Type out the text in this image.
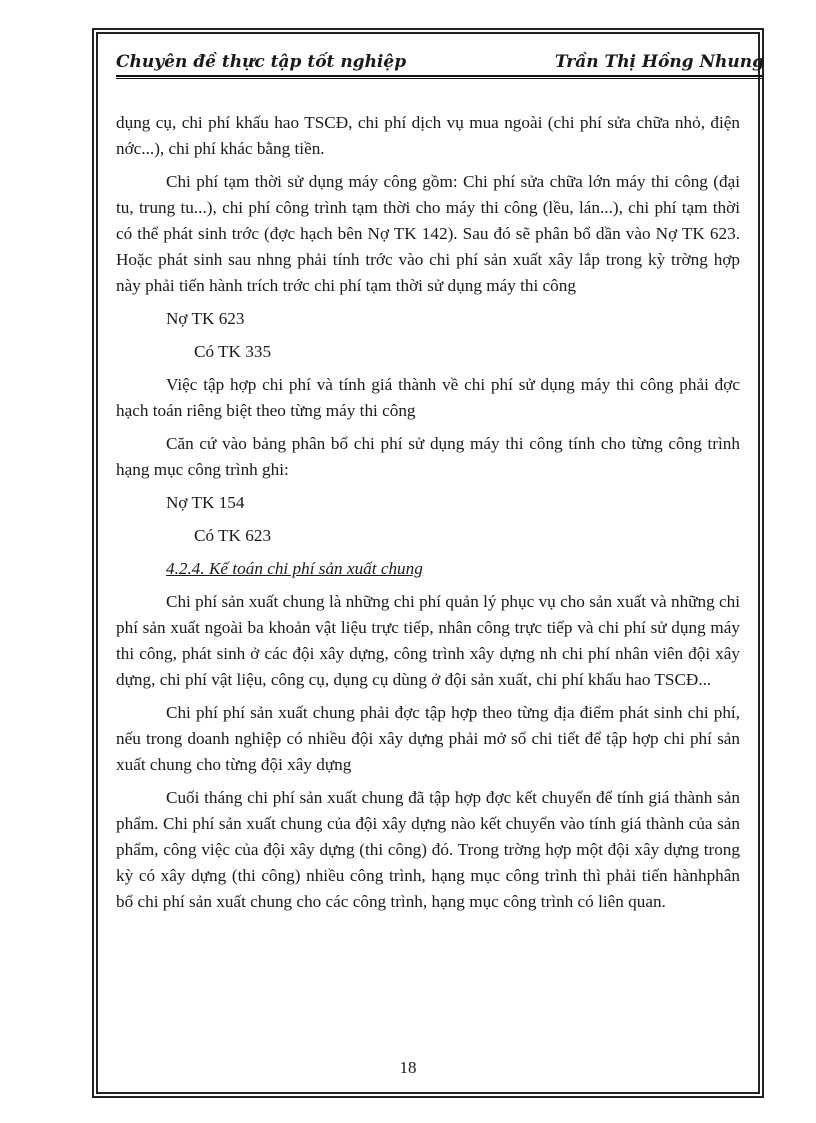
Chuyên đề thực tập tốt nghiệp	Trần Thị Hồng Nhung

dụng cụ, chi phí khấu hao TSCĐ, chi phí dịch vụ mua ngoài (chi phí sửa chữa nhỏ, điện nớc...), chi phí khác bằng tiền.

Chi phí tạm thời sử dụng máy công gồm: Chi phí sửa chữa lớn máy thi công (đại tu, trung tu...), chi phí công trình tạm thời cho máy thi công (lều, lán...), chi phí tạm thời có thể phát sinh trớc (đợc hạch bên Nợ TK 142). Sau đó sẽ phân bổ dần vào Nợ TK 623. Hoặc phát sinh sau nhng phải tính trớc vào chi phí sản xuất xây lắp trong kỳ trờng hợp này phải tiến hành trích trớc chi phí tạm thời sử dụng máy thi công

Nợ TK 623

Có TK 335

Việc tập hợp chi phí và tính giá thành về chi phí sử dụng máy thi công phải đợc hạch toán riêng biệt theo từng máy thi công

Căn cứ vào bảng phân bổ chi phí sử dụng máy thi công tính cho từng công trình hạng mục công trình ghi:

Nợ TK 154

Có TK 623

4.2.4. Kế toán chi phí sản xuất chung

Chi phí sản xuất chung là những chi phí quản lý phục vụ cho sản xuất và những chi phí sản xuất ngoài ba khoản vật liệu trực tiếp, nhân công trực tiếp và chi phí sử dụng máy thi công, phát sinh ở các đội xây dựng, công trình xây dựng nh chi phí nhân viên đội xây dựng, chi phí vật liệu, công cụ, dụng cụ dùng ở đội sản xuất, chi phí khấu hao TSCĐ...

Chi phí phí sản xuất chung phải đợc tập hợp theo từng địa điểm phát sinh chi phí, nếu trong doanh nghiệp có nhiều đội xây dựng phải mở sổ chi tiết để tập hợp chi phí sản xuất chung cho từng đội xây dựng

Cuối tháng chi phí sản xuất chung đã tập hợp đợc kết chuyển để tính giá thành sản phẩm. Chi phí sản xuất chung của đội xây dựng nào kết chuyển vào tính giá thành của sản phẩm, công việc của đội xây dựng (thi công) đó. Trong trờng hợp một đội xây dựng trong kỳ có xây dựng (thi công) nhiều công trình, hạng mục công trình thì phải tiến hànhphân bổ chi phí sản xuất chung cho các công trình, hạng mục công trình có liên quan.

18
